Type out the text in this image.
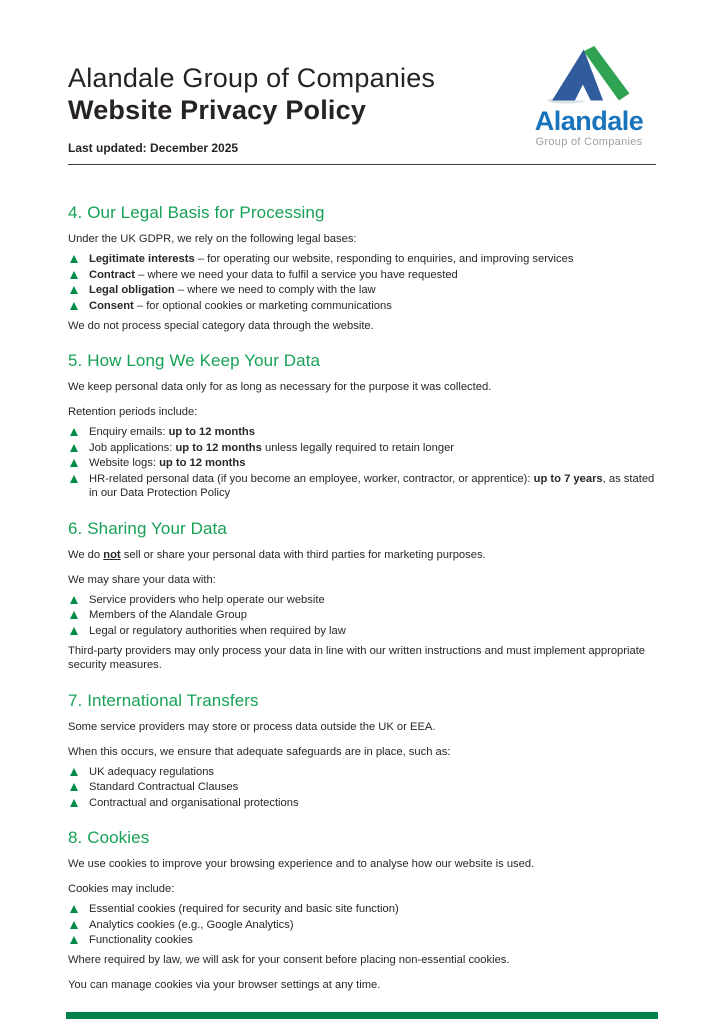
Alandale Group of Companies
Website Privacy Policy

Last updated: December 2025

Alandale
Group of Companies
4. Our Legal Basis for Processing

Under the UK GDPR, we rely on the following legal bases:

Legitimate interests – for operating our website, responding to enquiries, and improving services
Contract – where we need your data to fulfil a service you have requested
Legal obligation – where we need to comply with the law
Consent – for optional cookies or marketing communications

We do not process special category data through the website.

5. How Long We Keep Your Data

We keep personal data only for as long as necessary for the purpose it was collected.

Retention periods include:

Enquiry emails: up to 12 months
Job applications: up to 12 months unless legally required to retain longer
Website logs: up to 12 months
HR-related personal data (if you become an employee, worker, contractor, or apprentice): up to 7 years, as stated in our Data Protection Policy
6. Sharing Your Data

We do not sell or share your personal data with third parties for marketing purposes.

We may share your data with:

Service providers who help operate our website
Members of the Alandale Group
Legal or regulatory authorities when required by law

Third-party providers may only process your data in line with our written instructions and must implement appropriate security measures.

7. International Transfers

Some service providers may store or process data outside the UK or EEA.

When this occurs, we ensure that adequate safeguards are in place, such as:

UK adequacy regulations
Standard Contractual Clauses
Contractual and organisational protections
8. Cookies

We use cookies to improve your browsing experience and to analyse how our website is used.

Cookies may include:

Essential cookies (required for security and basic site function)
Analytics cookies (e.g., Google Analytics)
Functionality cookies

Where required by law, we will ask for your consent before placing non-essential cookies.

You can manage cookies via your browser settings at any time.
